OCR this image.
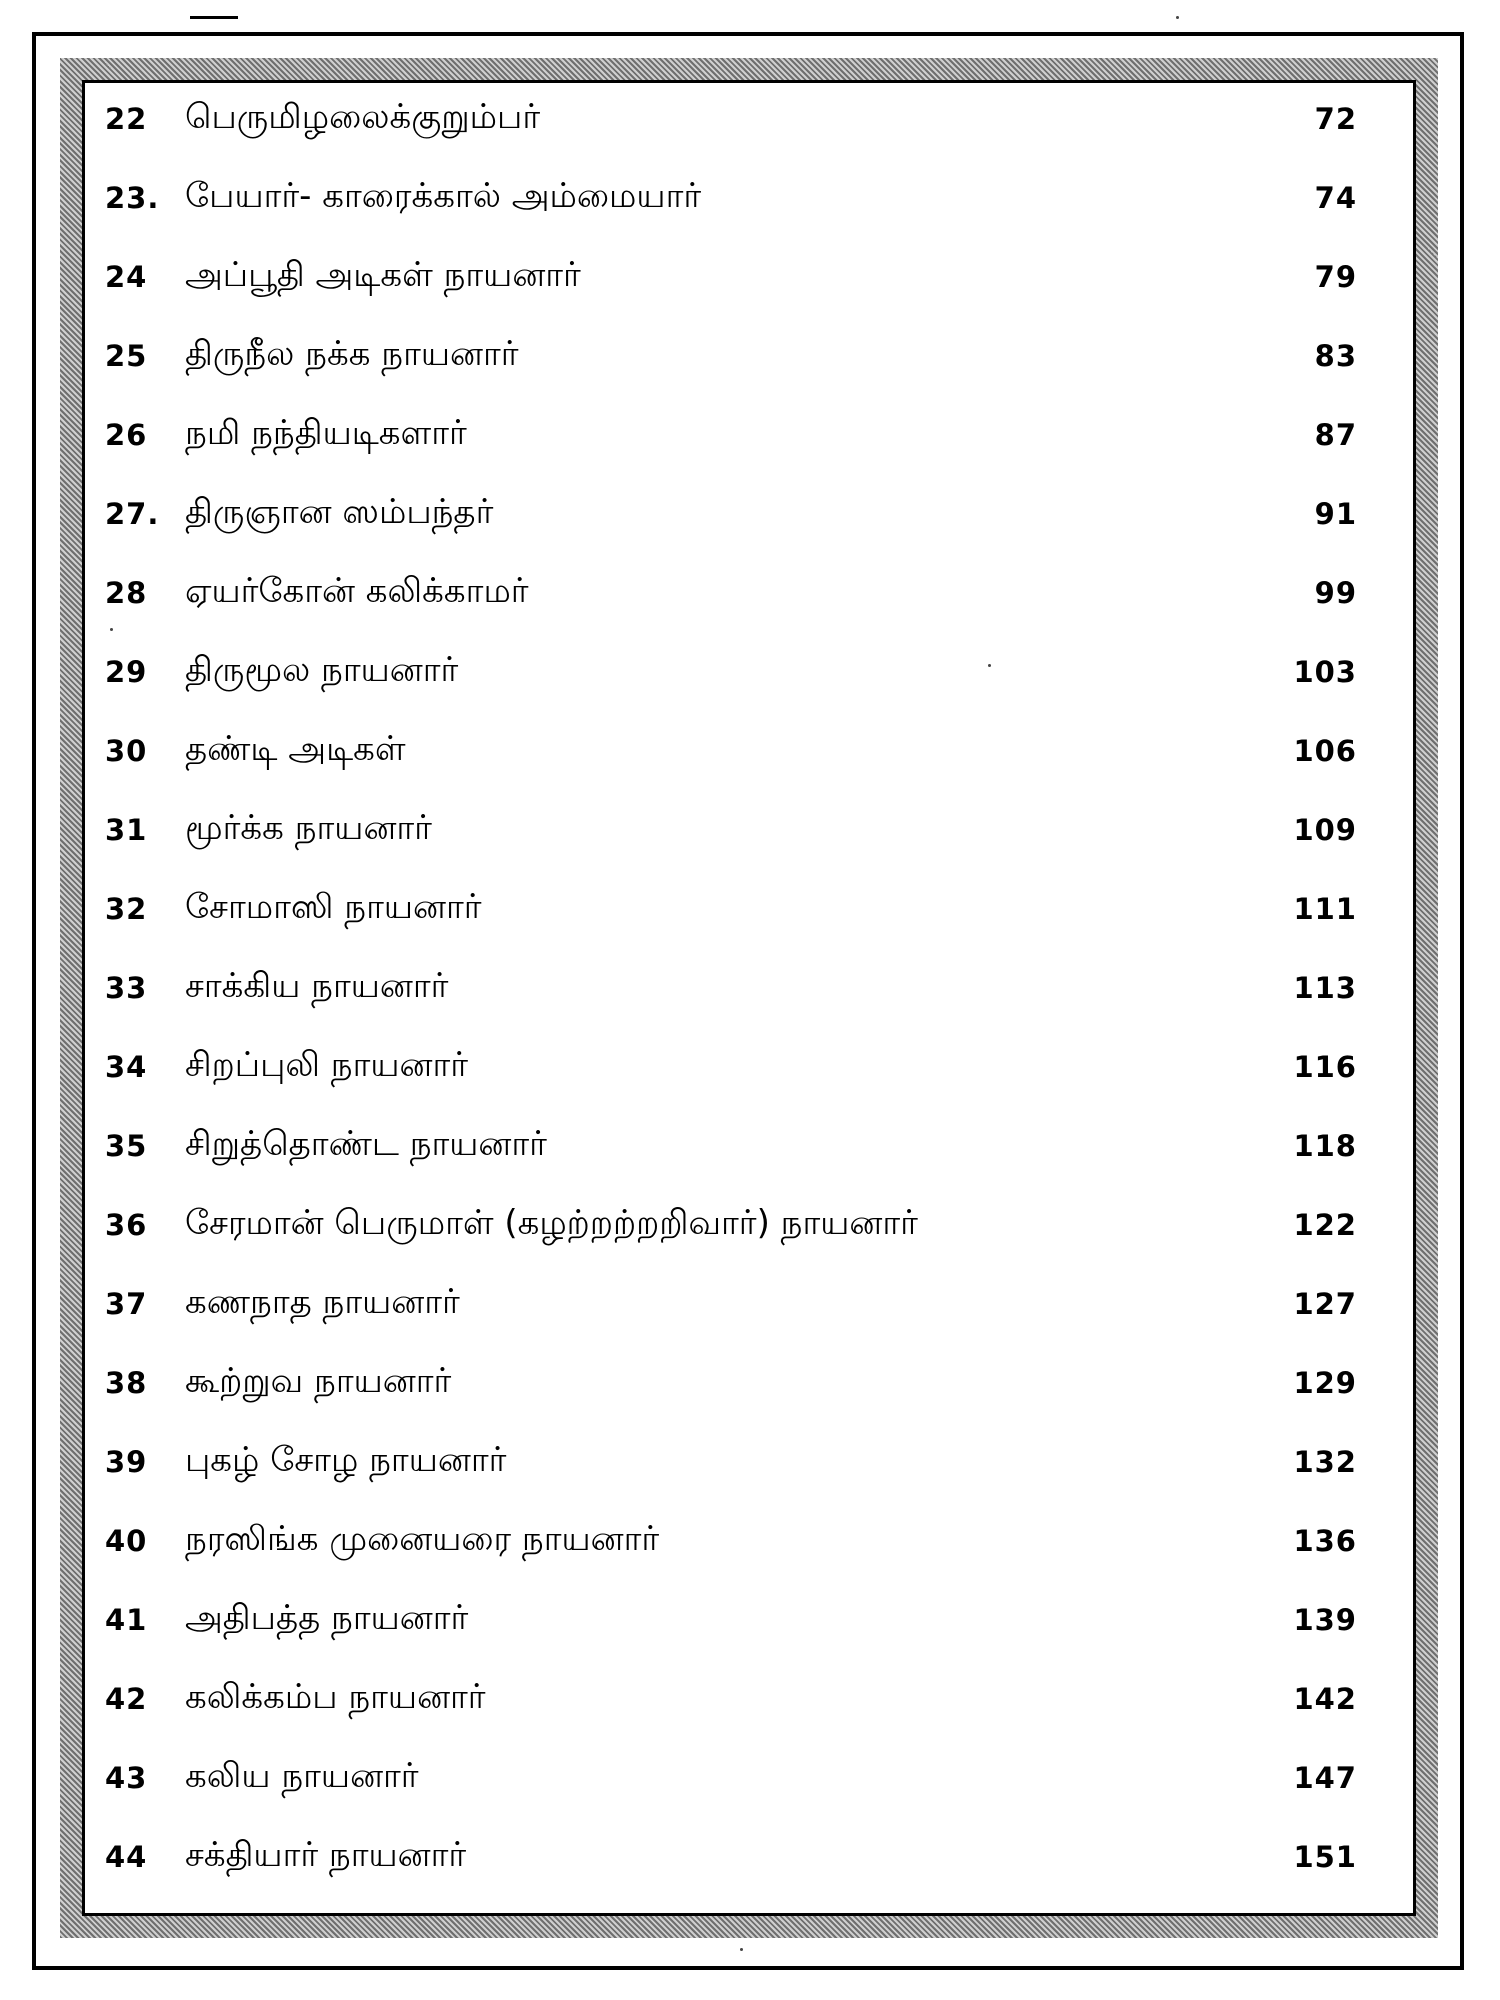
22	பெருமிழலைக்குறும்பர்	72
23. பேயார்- காரைக்கால் அம்மையார்	74
24	அப்பூதி அடிகள் நாயனார்	79
25	திருநீல நக்க நாயனார்	83
26	நமி நந்தியடிகளார்	87
27. திருஞான ஸம்பந்தர்	91
28	ஏயர்கோன் கலிக்காமர்	99
29	திருமூல நாயனார்	103
30	தண்டி அடிகள்	106
31	மூர்க்க நாயனார்	109
32	சோமாஸி நாயனார்	111
33	சாக்கிய நாயனார்	113
34	சிறப்புலி நாயனார்	116
35	சிறுத்தொண்ட நாயனார்	118
36	சேரமான் பெருமாள் (கழற்றற்றறிவார்) நாயனார்	122
37	கணநாத நாயனார்	127
38	கூற்றுவ நாயனார்	129
39	புகழ் சோழ நாயனார்	132
40	நரஸிங்க முனையரை நாயனார்	136
41	அதிபத்த நாயனார்	139
42	கலிக்கம்ப நாயனார்	142
43	கலிய நாயனார்	147
44	சக்தியார் நாயனார்	151
